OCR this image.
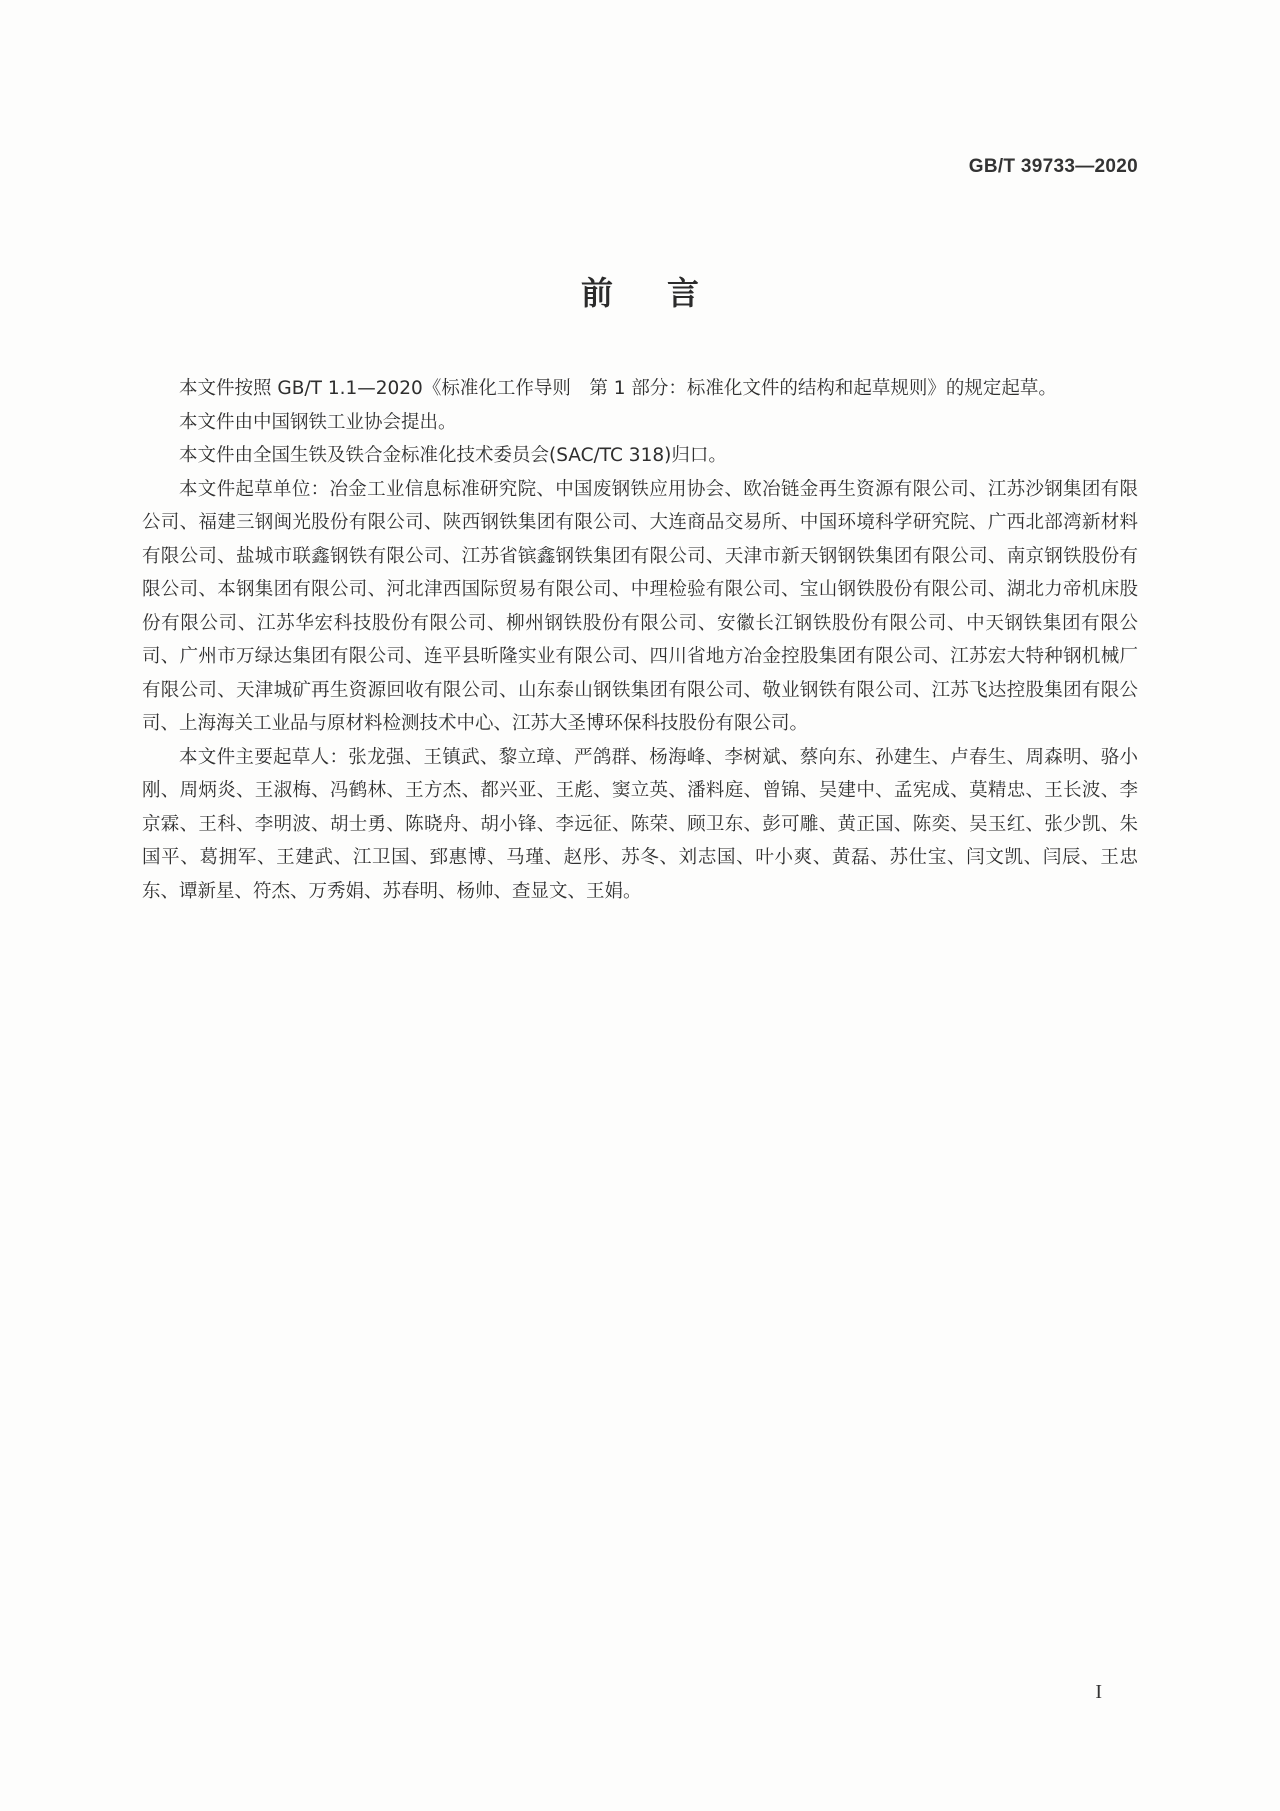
GB/T 39733—2020
前言

本文件按照 GB/T 1.1—2020《标准化工作导则　第 1 部分：标准化文件的结构和起草规则》的规定起草。

本文件由中国钢铁工业协会提出。

本文件由全国生铁及铁合金标准化技术委员会(SAC/TC 318)归口。

本文件起草单位：冶金工业信息标准研究院、中国废钢铁应用协会、欧冶链金再生资源有限公司、江苏沙钢集团有限公司、福建三钢闽光股份有限公司、陕西钢铁集团有限公司、大连商品交易所、中国环境科学研究院、广西北部湾新材料有限公司、盐城市联鑫钢铁有限公司、江苏省镔鑫钢铁集团有限公司、天津市新天钢钢铁集团有限公司、南京钢铁股份有限公司、本钢集团有限公司、河北津西国际贸易有限公司、中理检验有限公司、宝山钢铁股份有限公司、湖北力帝机床股份有限公司、江苏华宏科技股份有限公司、柳州钢铁股份有限公司、安徽长江钢铁股份有限公司、中天钢铁集团有限公司、广州市万绿达集团有限公司、连平县昕隆实业有限公司、四川省地方冶金控股集团有限公司、江苏宏大特种钢机械厂有限公司、天津城矿再生资源回收有限公司、山东泰山钢铁集团有限公司、敬业钢铁有限公司、江苏飞达控股集团有限公司、上海海关工业品与原材料检测技术中心、江苏大圣博环保科技股份有限公司。

本文件主要起草人：张龙强、王镇武、黎立璋、严鸽群、杨海峰、李树斌、蔡向东、孙建生、卢春生、周森明、骆小刚、周炳炎、王淑梅、冯鹤林、王方杰、都兴亚、王彪、窦立英、潘料庭、曾锦、吴建中、孟宪成、莫精忠、王长波、李京霖、王科、李明波、胡士勇、陈晓舟、胡小锋、李远征、陈荣、顾卫东、彭可雕、黄正国、陈奕、吴玉红、张少凯、朱国平、葛拥军、王建武、江卫国、郅惠博、马瑾、赵彤、苏冬、刘志国、叶小爽、黄磊、苏仕宝、闫文凯、闫辰、王忠东、谭新星、符杰、万秀娟、苏春明、杨帅、查显文、王娟。

I
